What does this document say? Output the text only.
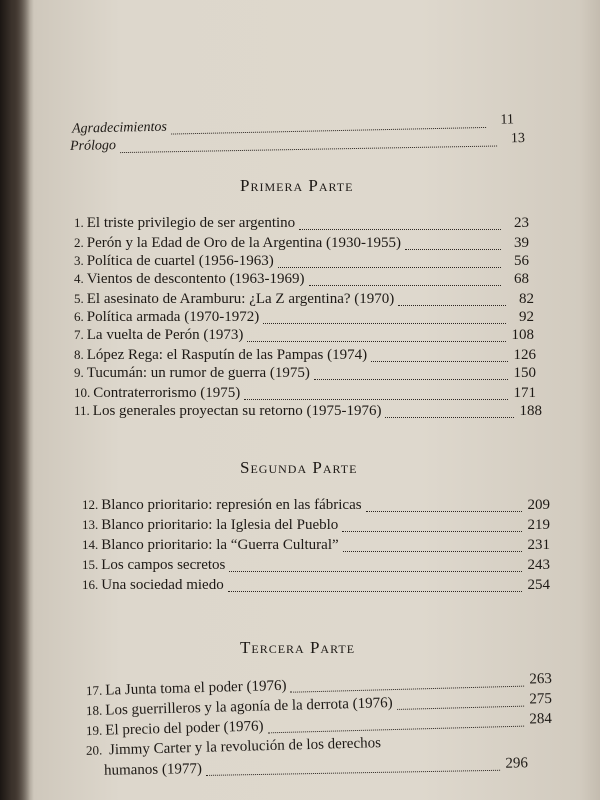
Agradecimientos	11
Prólogo	13
Primera Parte
1. El triste privilegio de ser argentino	23
2. Perón y la Edad de Oro de la Argentina (1930-1955)	39
3. Política de cuartel (1956-1963)	56
4. Vientos de descontento (1963-1969)	68
5. El asesinato de Aramburu: ¿La Z argentina? (1970)	82
6. Política armada (1970-1972)	92
7. La vuelta de Perón (1973)	108
8. López Rega: el Rasputín de las Pampas (1974)	126
9. Tucumán: un rumor de guerra (1975)	150
10. Contraterrorismo (1975)	171
11. Los generales proyectan su retorno (1975-1976)	188
Segunda Parte
12. Blanco prioritario: represión en las fábricas	209
13. Blanco prioritario: la Iglesia del Pueblo	219
14. Blanco prioritario: la “Guerra Cultural”	231
15. Los campos secretos	243
16. Una sociedad miedo	254
Tercera Parte
17. La Junta toma el poder (1976)	263
18. Los guerrilleros y la agonía de la derrota (1976)	275
19. El precio del poder (1976)	284
20. Jimmy Carter y la revolución de los derechos
humanos (1977)	296
